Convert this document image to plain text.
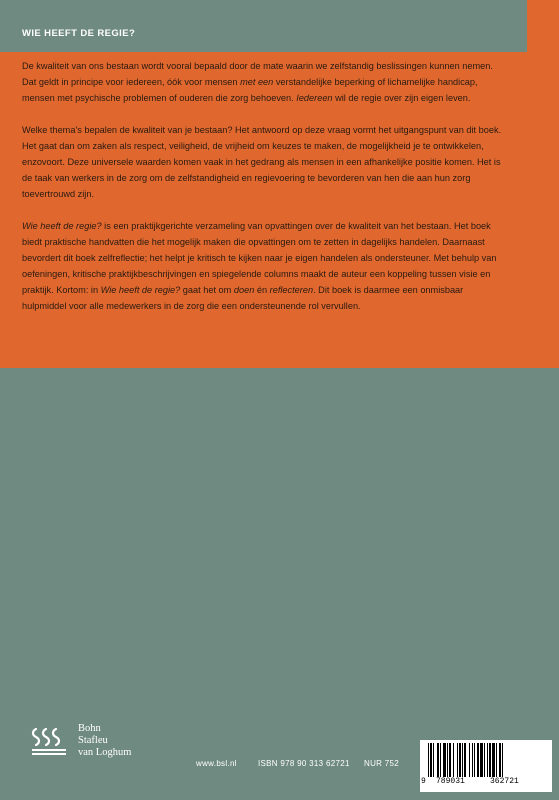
WIE HEEFT DE REGIE?

De kwaliteit van ons bestaan wordt vooral bepaald door de mate waarin we zelfstandig beslissingen kunnen nemen. Dat geldt in principe voor iedereen, óók voor mensen met een verstandelijke beperking of lichamelijke handicap, mensen met psychische problemen of ouderen die zorg behoeven. Iedereen wil de regie over zijn eigen leven.

Welke thema's bepalen de kwaliteit van je bestaan? Het antwoord op deze vraag vormt het uitgangspunt van dit boek. Het gaat dan om zaken als respect, veiligheid, de vrijheid om keuzes te maken, de mogelijkheid je te ontwikkelen, enzovoort. Deze universele waarden komen vaak in het gedrang als mensen in een afhankelijke positie komen. Het is de taak van werkers in de zorg om de zelfstandigheid en regievoering te bevorderen van hen die aan hun zorg toevertrouwd zijn.

Wie heeft de regie? is een praktijkgerichte verzameling van opvattingen over de kwaliteit van het bestaan. Het boek biedt praktische handvatten die het mogelijk maken die opvattingen om te zetten in dagelijks handelen. Daarnaast bevordert dit boek zelfreflectie; het helpt je kritisch te kijken naar je eigen handelen als ondersteuner. Met behulp van oefeningen, kritische praktijkbeschrijvingen en spiegelende columns maakt de auteur een koppeling tussen visie en praktijk. Kortom: in Wie heeft de regie? gaat het om doen én reflecteren. Dit boek is daarmee een onmisbaar hulpmiddel voor alle medewerkers in de zorg die een ondersteunende rol vervullen.

Bohn
Stafleu
van Loghum
www.bsl.nl	ISBN 978 90 313 62721 NUR 752
9 789031	362721
